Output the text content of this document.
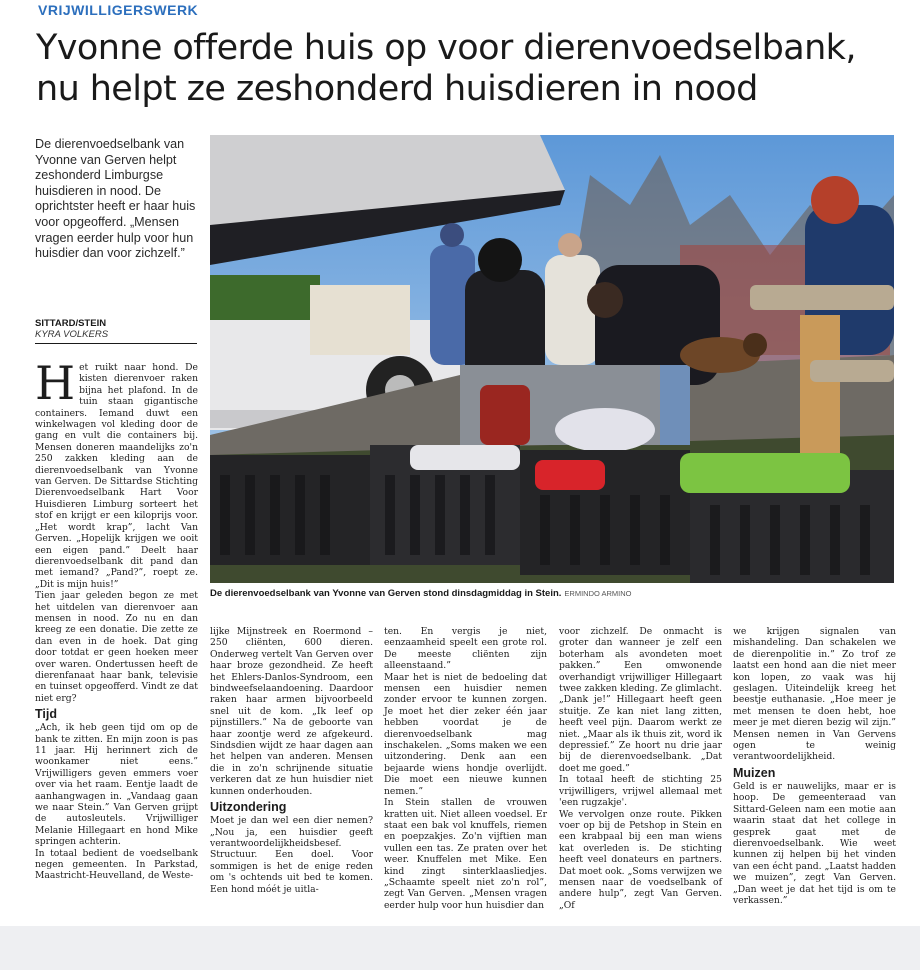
VRIJWILLIGERSWERK
Yvonne offerde huis op voor dierenvoedselbank, nu helpt ze zeshonderd huisdieren in nood
De dierenvoedselbank van Yvonne van Gerven helpt zeshonderd Limburgse huisdieren in nood. De oprichtster heeft er haar huis voor opgeofferd. „Mensen vragen eerder hulp voor hun huisdier dan voor zichzelf.”
SITTARD/STEIN
KYRA VOLKERS
De dierenvoedselbank van Yvonne van Gerven stond dinsdagmiddag in Stein. ERMINDO ARMINO

Het ruikt naar hond. De kisten dierenvoer raken bijna het plafond. In de tuin staan gigantische containers. Iemand duwt een winkelwagen vol kleding door de gang en vult die containers bij. Mensen doneren maandelijks zo'n 250 zakken kleding aan de dierenvoedselbank van Yvonne van Gerven. De Sittardse Stichting Dierenvoedselbank Hart Voor Huisdieren Limburg sorteert het stof en krijgt er een kiloprijs voor. „Het wordt krap”, lacht Van Gerven. „Hopelijk krijgen we ooit een eigen pand.” Deelt haar dierenvoedselbank dit pand dan met iemand? „Pand?”, roept ze. „Dit is mijn huis!”

Tien jaar geleden begon ze met het uitdelen van dierenvoer aan mensen in nood. Zo nu en dan kreeg ze een donatie. Die zette ze dan even in de hoek. Dat ging door totdat er geen hoeken meer over waren. Ondertussen heeft de dierenfanaat haar bank, televisie en tuinset opgeofferd. Vindt ze dat niet erg?

Tijd

„Ach, ik heb geen tijd om op de bank te zitten. En mijn zoon is pas 11 jaar. Hij herinnert zich de woonkamer niet eens.” Vrijwilligers geven emmers voer over via het raam. Eentje laadt de aanhangwagen in. „Vandaag gaan we naar Stein.” Van Gerven grijpt de autosleutels. Vrijwilliger Melanie Hillegaart en hond Mike springen achterin.

In totaal bedient de voedselbank negen gemeenten. In Parkstad, Maastricht-Heuvelland, de Weste-

lijke Mijnstreek en Roermond – 250 cliënten, 600 dieren. Onderweg vertelt Van Gerven over haar broze gezondheid. Ze heeft het Ehlers-Danlos-Syndroom, een bindweefselaandoening. Daardoor raken haar armen bijvoorbeeld snel uit de kom. „Ik leef op pijnstillers.” Na de geboorte van haar zoontje werd ze afgekeurd. Sindsdien wijdt ze haar dagen aan het helpen van anderen. Mensen die in zo'n schrijnende situatie verkeren dat ze hun huisdier niet kunnen onderhouden.

Uitzondering

Moet je dan wel een dier nemen? „Nou ja, een huisdier geeft verantwoordelijkheidsbesef. Structuur. Een doel. Voor sommigen is het de enige reden om 's ochtends uit bed te komen. Een hond móét je uitla-

ten. En vergis je niet, eenzaamheid speelt een grote rol. De meeste cliënten zijn alleenstaand.”

Maar het is niet de bedoeling dat mensen een huisdier nemen zonder ervoor te kunnen zorgen. Je moet het dier zeker één jaar hebben voordat je de dierenvoedselbank mag inschakelen. „Soms maken we een uitzondering. Denk aan een bejaarde wiens hondje overlijdt. Die moet een nieuwe kunnen nemen.”

In Stein stallen de vrouwen kratten uit. Niet alleen voedsel. Er staat een bak vol knuffels, riemen en poepzakjes. Zo'n vijftien man vullen een tas. Ze praten over het weer. Knuffelen met Mike. Een kind zingt sinterklaasliedjes. „Schaamte speelt niet zo'n rol”, zegt Van Gerven. „Mensen vragen eerder hulp voor hun huisdier dan

voor zichzelf. De onmacht is groter dan wanneer je zelf een boterham als avondeten moet pakken.” Een omwonende overhandigt vrijwilliger Hillegaart twee zakken kleding. Ze glimlacht. „Dank je!” Hillegaart heeft geen stuitje. Ze kan niet lang zitten, heeft veel pijn. Daarom werkt ze niet. „Maar als ik thuis zit, word ik depressief.” Ze hoort nu drie jaar bij de dierenvoedselbank. „Dat doet me goed.”

In totaal heeft de stichting 25 vrijwilligers, vrijwel allemaal met 'een rugzakje'.

We vervolgen onze route. Pikken voer op bij de Petshop in Stein en een krabpaal bij een man wiens kat overleden is. De stichting heeft veel donateurs en partners. Dat moet ook. „Soms verwijzen we mensen naar de voedselbank of andere hulp”, zegt Van Gerven. „Of

we krijgen signalen van mishandeling. Dan schakelen we de dierenpolitie in.” Zo trof ze laatst een hond aan die niet meer kon lopen, zo vaak was hij geslagen. Uiteindelijk kreeg het beestje euthanasie. „Hoe meer je met mensen te doen hebt, hoe meer je met dieren bezig wil zijn.” Mensen nemen in Van Gervens ogen te weinig verantwoordelijkheid.

Muizen

Geld is er nauwelijks, maar er is hoop. De gemeenteraad van Sittard-Geleen nam een motie aan waarin staat dat het college in gesprek gaat met de dierenvoedselbank. Wie weet kunnen zij helpen bij het vinden van een écht pand. „Laatst hadden we muizen”, zegt Van Gerven. „Dan weet je dat het tijd is om te verkassen.”
